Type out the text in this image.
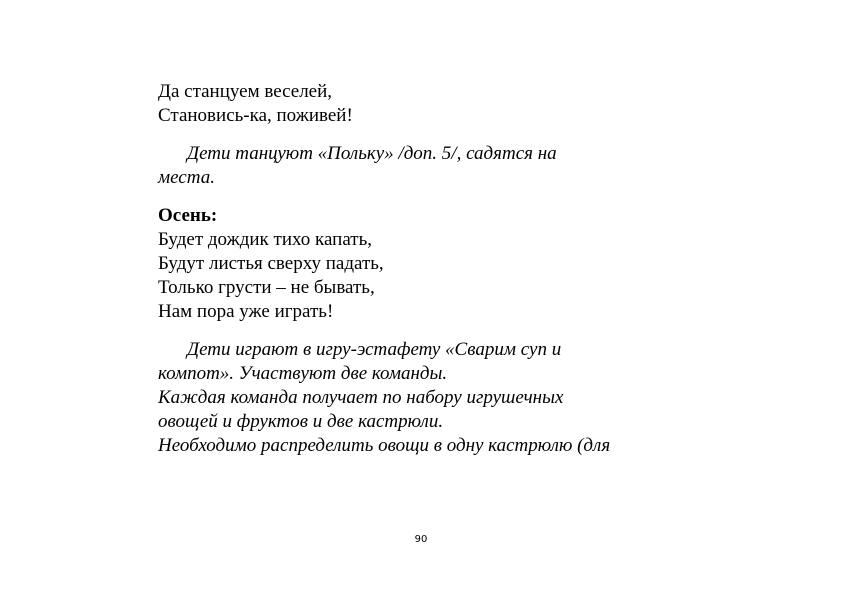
Да станцуем веселей,
Становись-ка, поживей!
Дети танцуют «Польку» /доп. 5/, садятся на
места.
Осень:
Будет дождик тихо капать,
Будут листья сверху падать,
Только грусти – не бывать,
Нам пора уже играть!
Дети играют в игру-эстафету «Сварим суп и
компот». Участвуют две команды.
Каждая команда получает по набору игрушечных
овощей и фруктов и две кастрюли.
Необходимо распределить овощи в одну кастрюлю (для
90
